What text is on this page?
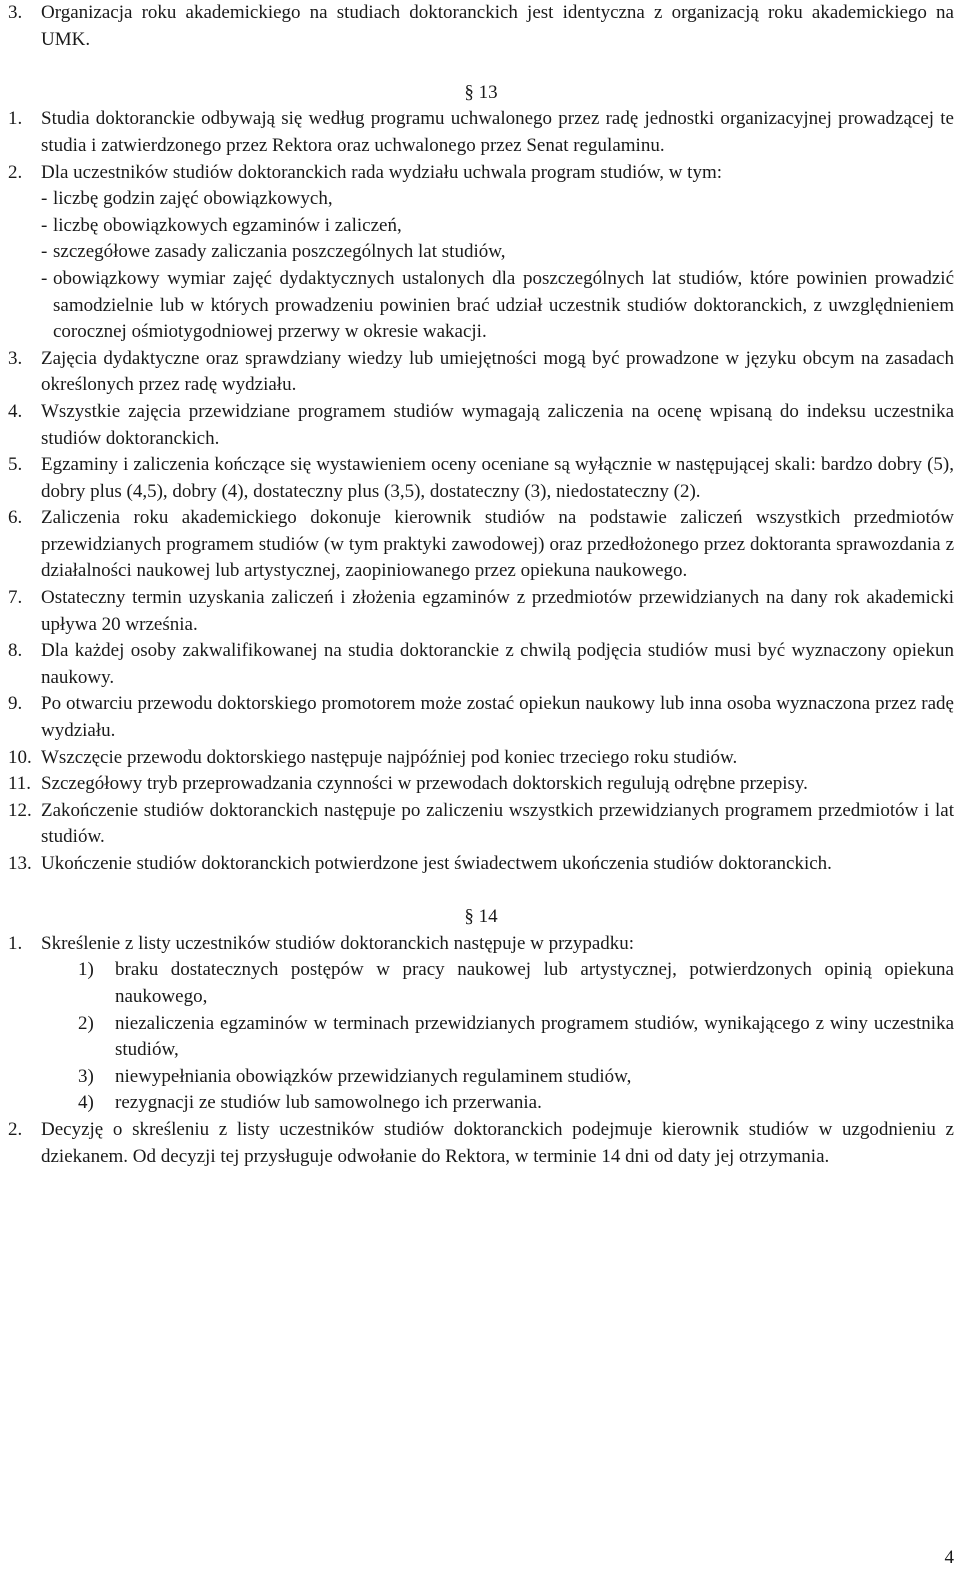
3. Organizacja roku akademickiego na studiach doktoranckich jest identyczna z organizacją roku akademickiego na UMK.
§ 13
1. Studia doktoranckie odbywają się według programu uchwalonego przez radę jednostki organizacyjnej prowadzącej te studia i zatwierdzonego przez Rektora oraz uchwalonego przez Senat regulaminu.
2. Dla uczestników studiów doktoranckich rada wydziału uchwala program studiów, w tym:
- liczbę godzin zajęć obowiązkowych,
- liczbę obowiązkowych egzaminów i zaliczeń,
- szczegółowe zasady zaliczania poszczególnych lat studiów,
- obowiązkowy wymiar zajęć dydaktycznych ustalonych dla poszczególnych lat studiów, które powinien prowadzić samodzielnie lub w których prowadzeniu powinien brać udział uczestnik studiów doktoranckich, z uwzględnieniem corocznej ośmiotygodniowej przerwy w okresie wakacji.
3. Zajęcia dydaktyczne oraz sprawdziany wiedzy lub umiejętności mogą być prowadzone w języku obcym na zasadach określonych przez radę wydziału.
4. Wszystkie zajęcia przewidziane programem studiów wymagają zaliczenia na ocenę wpisaną do indeksu uczestnika studiów doktoranckich.
5. Egzaminy i zaliczenia kończące się wystawieniem oceny oceniane są wyłącznie w następującej skali: bardzo dobry (5), dobry plus (4,5), dobry (4), dostateczny plus (3,5), dostateczny (3), niedostateczny (2).
6. Zaliczenia roku akademickiego dokonuje kierownik studiów na podstawie zaliczeń wszystkich przedmiotów przewidzianych programem studiów (w tym praktyki zawodowej) oraz przedłożonego przez doktoranta sprawozdania z działalności naukowej lub artystycznej, zaopiniowanego przez opiekuna naukowego.
7. Ostateczny termin uzyskania zaliczeń i złożenia egzaminów z przedmiotów przewidzianych na dany rok akademicki upływa 20 września.
8. Dla każdej osoby zakwalifikowanej na studia doktoranckie z chwilą podjęcia studiów musi być wyznaczony opiekun naukowy.
9. Po otwarciu przewodu doktorskiego promotorem może zostać opiekun naukowy lub inna osoba wyznaczona przez radę wydziału.
10. Wszczęcie przewodu doktorskiego następuje najpóźniej pod koniec trzeciego roku studiów.
11. Szczegółowy tryb przeprowadzania czynności w przewodach doktorskich regulują odrębne przepisy.
12. Zakończenie studiów doktoranckich następuje po zaliczeniu wszystkich przewidzianych programem przedmiotów i lat studiów.
13. Ukończenie studiów doktoranckich potwierdzone jest świadectwem ukończenia studiów doktoranckich.
§ 14
1. Skreślenie z listy uczestników studiów doktoranckich następuje w przypadku:
1) braku dostatecznych postępów w pracy naukowej lub artystycznej, potwierdzonych opinią opiekuna naukowego,
2) niezaliczenia egzaminów w terminach przewidzianych programem studiów, wynikającego z winy uczestnika studiów,
3) niewypełniania obowiązków przewidzianych regulaminem studiów,
4) rezygnacji ze studiów lub samowolnego ich przerwania.
2. Decyzję o skreśleniu z listy uczestników studiów doktoranckich podejmuje kierownik studiów w uzgodnieniu z dziekanem. Od decyzji tej przysługuje odwołanie do Rektora, w terminie 14 dni od daty jej otrzymania.
4
